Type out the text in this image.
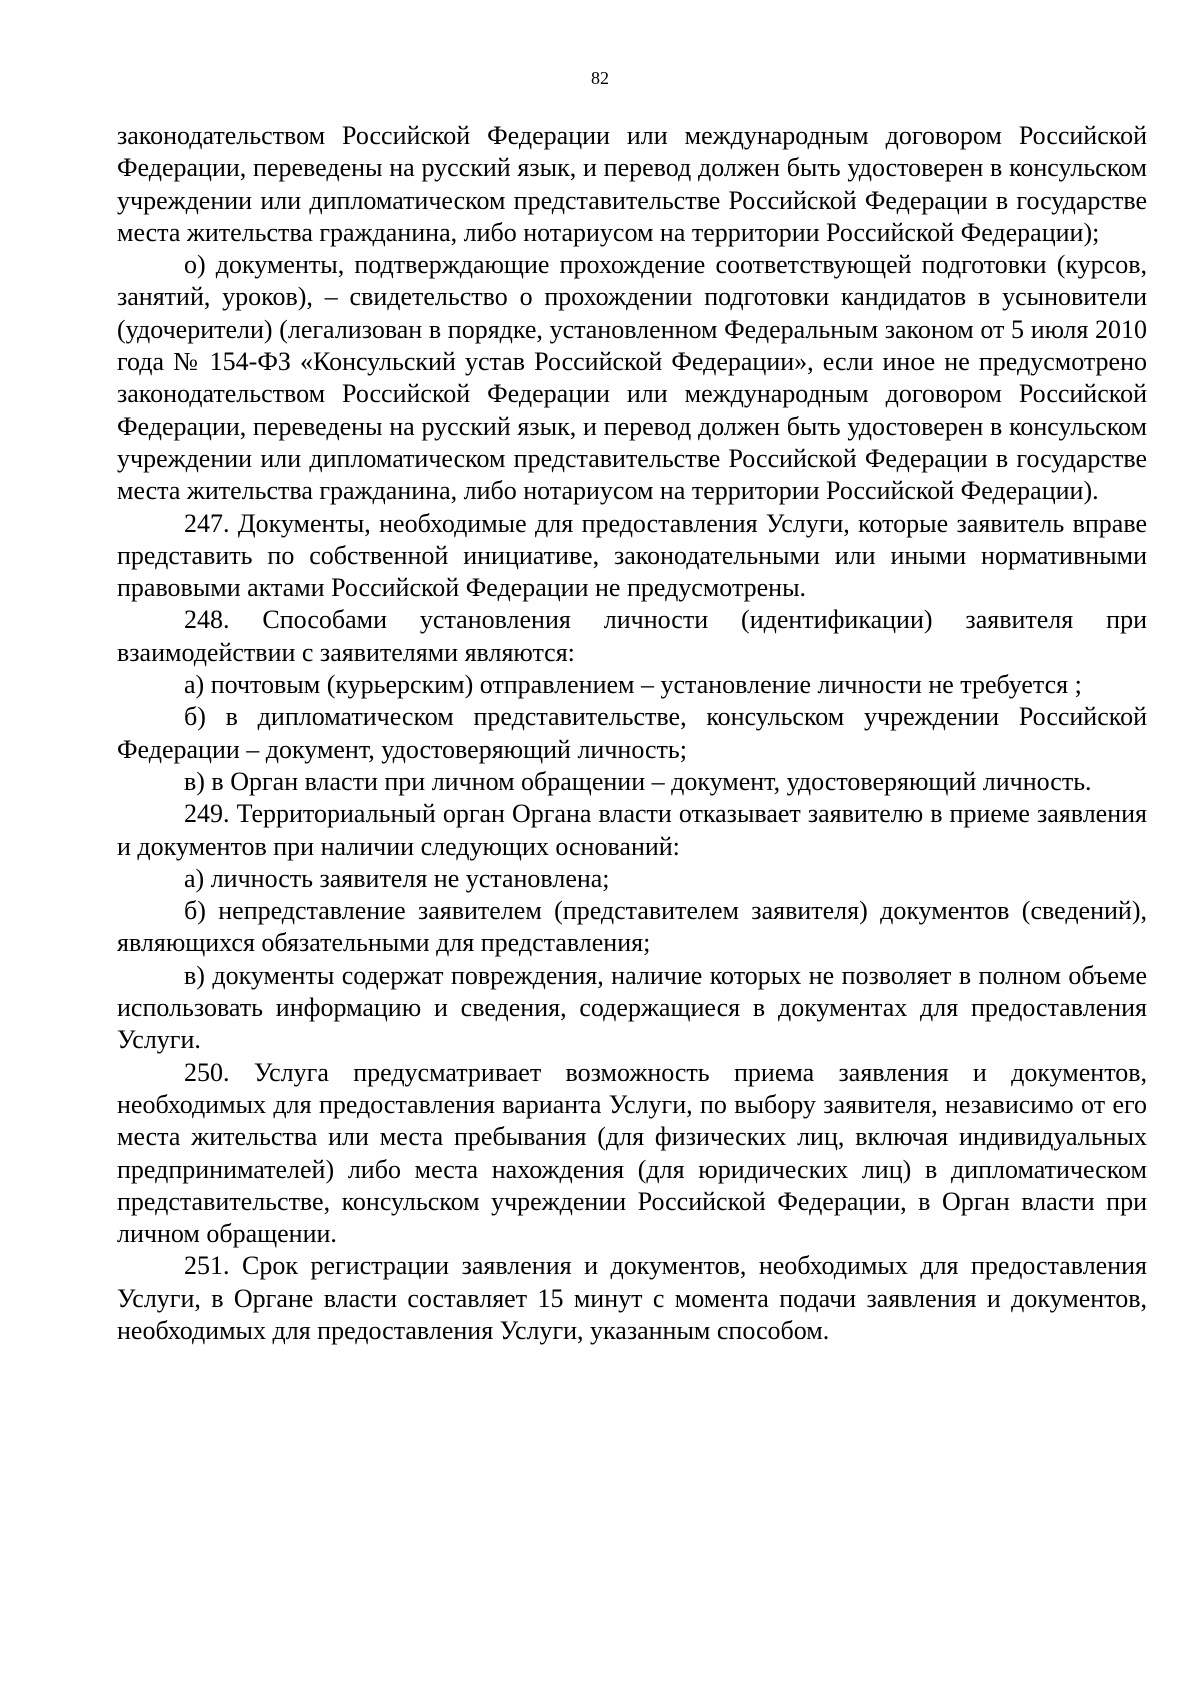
82

законодательством Российской Федерации или международным договором Российской Федерации, переведены на русский язык, и перевод должен быть удостоверен в консульском учреждении или дипломатическом представительстве Российской Федерации в государстве места жительства гражданина, либо нотариусом на территории Российской Федерации);

о) документы, подтверждающие прохождение соответствующей подготовки (курсов, занятий, уроков), – свидетельство о прохождении подготовки кандидатов в усыновители (удочерители) (легализован в порядке, установленном Федеральным законом от 5 июля 2010 года № 154-ФЗ «Консульский устав Российской Федерации», если иное не предусмотрено законодательством Российской Федерации или международным договором Российской Федерации, переведены на русский язык, и перевод должен быть удостоверен в консульском учреждении или дипломатическом представительстве Российской Федерации в государстве места жительства гражданина, либо нотариусом на территории Российской Федерации).

247. Документы, необходимые для предоставления Услуги, которые заявитель вправе представить по собственной инициативе, законодательными или иными нормативными правовыми актами Российской Федерации не предусмотрены.

248. Способами установления личности (идентификации) заявителя при взаимодействии с заявителями являются:

а) почтовым (курьерским) отправлением – установление личности не требуется ;

б) в дипломатическом представительстве, консульском учреждении Российской Федерации – документ, удостоверяющий личность;

в) в Орган власти при личном обращении – документ, удостоверяющий личность.

249. Территориальный орган Органа власти отказывает заявителю в приеме заявления и документов при наличии следующих оснований:

а) личность заявителя не установлена;

б) непредставление заявителем (представителем заявителя) документов (сведений), являющихся обязательными для представления;

в) документы содержат повреждения, наличие которых не позволяет в полном объеме использовать информацию и сведения, содержащиеся в документах для предоставления Услуги.

250. Услуга предусматривает возможность приема заявления и документов, необходимых для предоставления варианта Услуги, по выбору заявителя, независимо от его места жительства или места пребывания (для физических лиц, включая индивидуальных предпринимателей) либо места нахождения (для юридических лиц) в дипломатическом представительстве, консульском учреждении Российской Федерации, в Орган власти при личном обращении.

251. Срок регистрации заявления и документов, необходимых для предоставления Услуги, в Органе власти составляет 15 минут с момента подачи заявления и документов, необходимых для предоставления Услуги, указанным способом.
